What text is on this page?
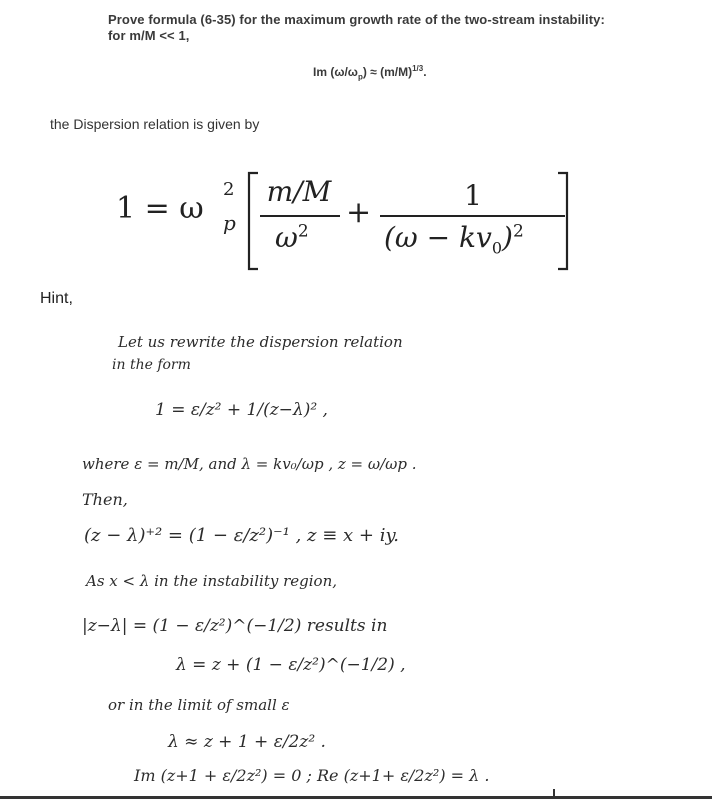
Prove formula (6-35) for the maximum growth rate of the two-stream instability:
for m/M << 1,
Im $(\omega/\omega_p) \approx (m/M)^{1/3}$.
the Dispersion relation is given by
1 = ω
2
p
m/M
$\omega^2$
+	1
$(\omega - kv_0)^2$
Hint,
Let us rewrite the dispersion relation
in the form
1 = ε/z² + 1/(z−λ)² ,
where ε = m/M, and λ = kv₀/ωp , z = ω/ωp .
Then,
(z − λ)⁺² = (1 − ε/z²)⁻¹ , z ≡ x + iy.
As x < λ in the instability region,
|z−λ| = (1 − ε/z²)^(−1/2) results in
λ = z + (1 − ε/z²)^(−1/2) ,
or in the limit of small ε
λ ≈ z + 1 + ε/2z² .
Im (z+1 + ε/2z²) = 0 ; Re (z+1+ ε/2z²) = λ .
